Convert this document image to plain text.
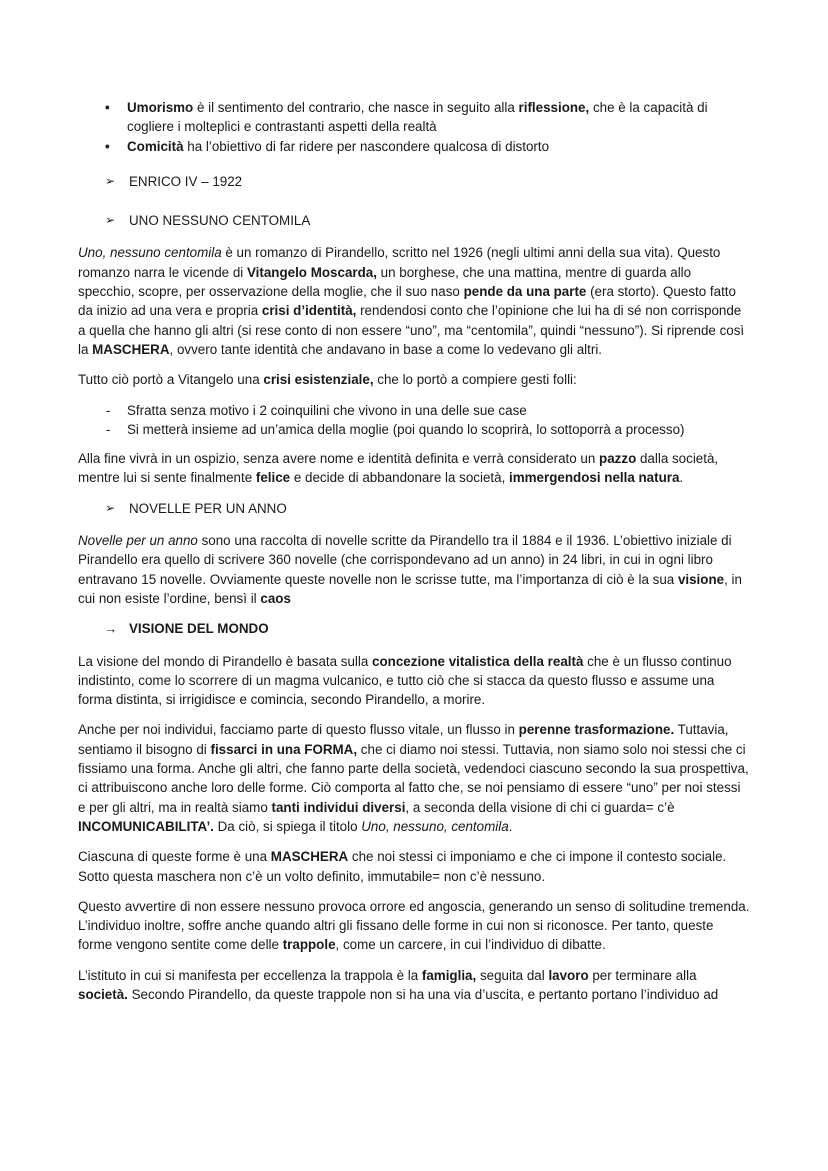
• Umorismo è il sentimento del contrario, che nasce in seguito alla riflessione, che è la capacità di cogliere i molteplici e contrastanti aspetti della realtà
• Comicità ha l’obiettivo di far ridere per nascondere qualcosa di distorto
➢ ENRICO IV – 1922
➢ UNO NESSUNO CENTOMILA

Uno, nessuno centomila è un romanzo di Pirandello, scritto nel 1926 (negli ultimi anni della sua vita). Questo romanzo narra le vicende di Vitangelo Moscarda, un borghese, che una mattina, mentre di guarda allo specchio, scopre, per osservazione della moglie, che il suo naso pende da una parte (era storto). Questo fatto da inizio ad una vera e propria crisi d’identità, rendendosi conto che l’opinione che lui ha di sé non corrisponde a quella che hanno gli altri (si rese conto di non essere “uno”, ma “centomila”, quindi “nessuno”). Si riprende così la MASCHERA, ovvero tante identità che andavano in base a come lo vedevano gli altri.

Tutto ciò portò a Vitangelo una crisi esistenziale, che lo portò a compiere gesti folli:

- Sfratta senza motivo i 2 coinquilini che vivono in una delle sue case
- Si metterà insieme ad un’amica della moglie (poi quando lo scoprirà, lo sottoporrà a processo)

Alla fine vivrà in un ospizio, senza avere nome e identità definita e verrà considerato un pazzo dalla società, mentre lui si sente finalmente felice e decide di abbandonare la società, immergendosi nella natura.

➢ NOVELLE PER UN ANNO

Novelle per un anno sono una raccolta di novelle scritte da Pirandello tra il 1884 e il 1936. L’obiettivo iniziale di Pirandello era quello di scrivere 360 novelle (che corrispondevano ad un anno) in 24 libri, in cui in ogni libro entravano 15 novelle. Ovviamente queste novelle non le scrisse tutte, ma l’importanza di ciò è la sua visione, in cui non esiste l’ordine, bensì il caos

→ VISIONE DEL MONDO

La visione del mondo di Pirandello è basata sulla concezione vitalistica della realtà che è un flusso continuo indistinto, come lo scorrere di un magma vulcanico, e tutto ciò che si stacca da questo flusso e assume una forma distinta, si irrigidisce e comincia, secondo Pirandello, a morire.

Anche per noi individui, facciamo parte di questo flusso vitale, un flusso in perenne trasformazione. Tuttavia, sentiamo il bisogno di fissarci in una FORMA, che ci diamo noi stessi. Tuttavia, non siamo solo noi stessi che ci fissiamo una forma. Anche gli altri, che fanno parte della società, vedendoci ciascuno secondo la sua prospettiva, ci attribuiscono anche loro delle forme. Ciò comporta al fatto che, se noi pensiamo di essere “uno” per noi stessi e per gli altri, ma in realtà siamo tanti individui diversi, a seconda della visione di chi ci guarda= c’è INCOMUNICABILITA’. Da ciò, si spiega il titolo Uno, nessuno, centomila.

Ciascuna di queste forme è una MASCHERA che noi stessi ci imponiamo e che ci impone il contesto sociale. Sotto questa maschera non c’è un volto definito, immutabile= non c’è nessuno.

Questo avvertire di non essere nessuno provoca orrore ed angoscia, generando un senso di solitudine tremenda. L’individuo inoltre, soffre anche quando altri gli fissano delle forme in cui non si riconosce. Per tanto, queste forme vengono sentite come delle trappole, come un carcere, in cui l’individuo di dibatte.

L’istituto in cui si manifesta per eccellenza la trappola è la famiglia, seguita dal lavoro per terminare alla società. Secondo Pirandello, da queste trappole non si ha una via d’uscita, e pertanto portano l’individuo ad
